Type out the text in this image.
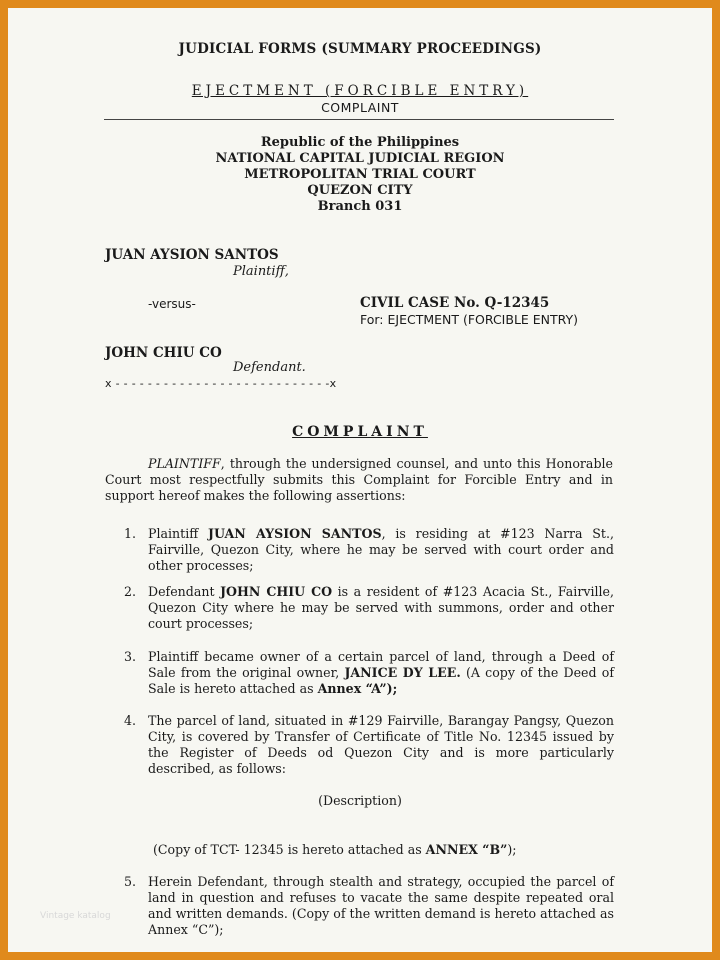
JUDICIAL FORMS (SUMMARY PROCEEDINGS)
EJECTMENT (FORCIBLE ENTRY)
COMPLAINT
Republic of the Philippines
NATIONAL CAPITAL JUDICIAL REGION
METROPOLITAN TRIAL COURT
QUEZON CITY
Branch 031
JUAN AYSION SANTOS
Plaintiff,
-versus-	CIVIL CASE No. Q-12345
For: EJECTMENT (FORCIBLE ENTRY)
JOHN CHIU CO
Defendant.
x - - - - - - - - - - - - - - - - - - - - - - - - - - -x
COMPLAINT
PLAINTIFF, through the undersigned counsel, and unto this Honorable Court most respectfully submits this Complaint for Forcible Entry and in support hereof makes the following assertions:
1. Plaintiff JUAN AYSION SANTOS, is residing at #123 Narra St., Fairville, Quezon City, where he may be served with court order and other processes;
2. Defendant JOHN CHIU CO is a resident of #123 Acacia St., Fairville, Quezon City where he may be served with summons, order and other court processes;
3. Plaintiff became owner of a certain parcel of land, through a Deed of Sale from the original owner, JANICE DY LEE. (A copy of the Deed of Sale is hereto attached as Annex “A”);
4. The parcel of land, situated in #129 Fairville, Barangay Pangsy, Quezon City, is covered by Transfer of Certificate of Title No. 12345 issued by the Register of Deeds od Quezon City and is more particularly described, as follows:
(Description)
(Copy of TCT- 12345 is hereto attached as ANNEX “B”);
5. Herein Defendant, through stealth and strategy, occupied the parcel of land in question and refuses to vacate the same despite repeated oral and written demands. (Copy of the written demand is hereto attached as Annex “C”);
Vintage katalog
